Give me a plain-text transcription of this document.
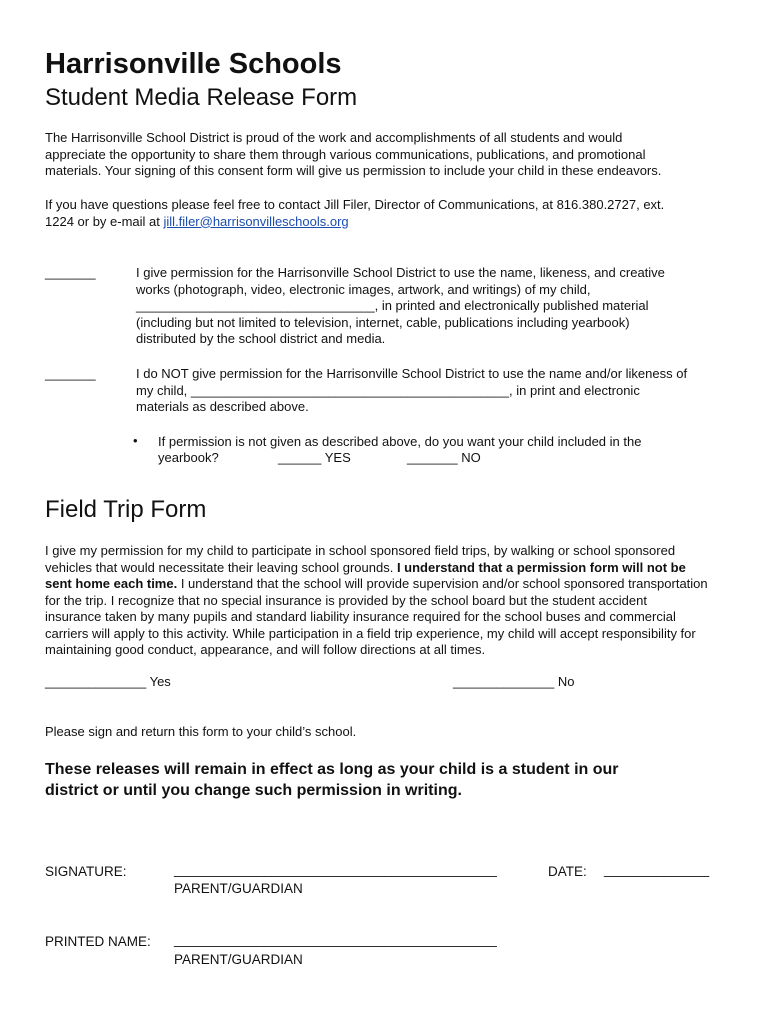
Harrisonville Schools
Student Media Release Form

The Harrisonville School District is proud of the work and accomplishments of all students and would

appreciate the opportunity to share them through various communications, publications, and promotional

materials. Your signing of this consent form will give us permission to include your child in these endeavors.

If you have questions please feel free to contact Jill Filer, Director of Communications, at 816.380.2727, ext.

1224 or by e-mail at jill.filer@harrisonvilleschools.org

_______	I give permission for the Harrisonville School District to use the name, likeness, and creative

works (photograph, video, electronic images, artwork, and writings) of my child,

_________________________________, in printed and electronically published material

(including but not limited to television, internet, cable, publications including yearbook)

distributed by the school district and media.

_______	I do NOT give permission for the Harrisonville School District to use the name and/or likeness of

my child, ____________________________________________, in print and electronic

materials as described above.

• If permission is not given as described above, do you want your child included in the

yearbook?	______ YES	_______ NO
Field Trip Form

I give my permission for my child to participate in school sponsored field trips, by walking or school sponsored

vehicles that would necessitate their leaving school grounds. I understand that a permission form will not be

sent home each time. I understand that the school will provide supervision and/or school sponsored transportation

for the trip. I recognize that no special insurance is provided by the school board but the student accident

insurance taken by many pupils and standard liability insurance required for the school buses and commercial

carriers will apply to this activity. While participation in a field trip experience, my child will accept responsibility for

maintaining good conduct, appearance, and will follow directions at all times.

______________ Yes	______________ No
Please sign and return this form to your child’s school.

These releases will remain in effect as long as your child is a student in our

district or until you change such permission in writing.

SIGNATURE:	___________________________________________
PARENT/GUARDIAN
DATE: ______________
PRINTED NAME: ___________________________________________
PARENT/GUARDIAN
